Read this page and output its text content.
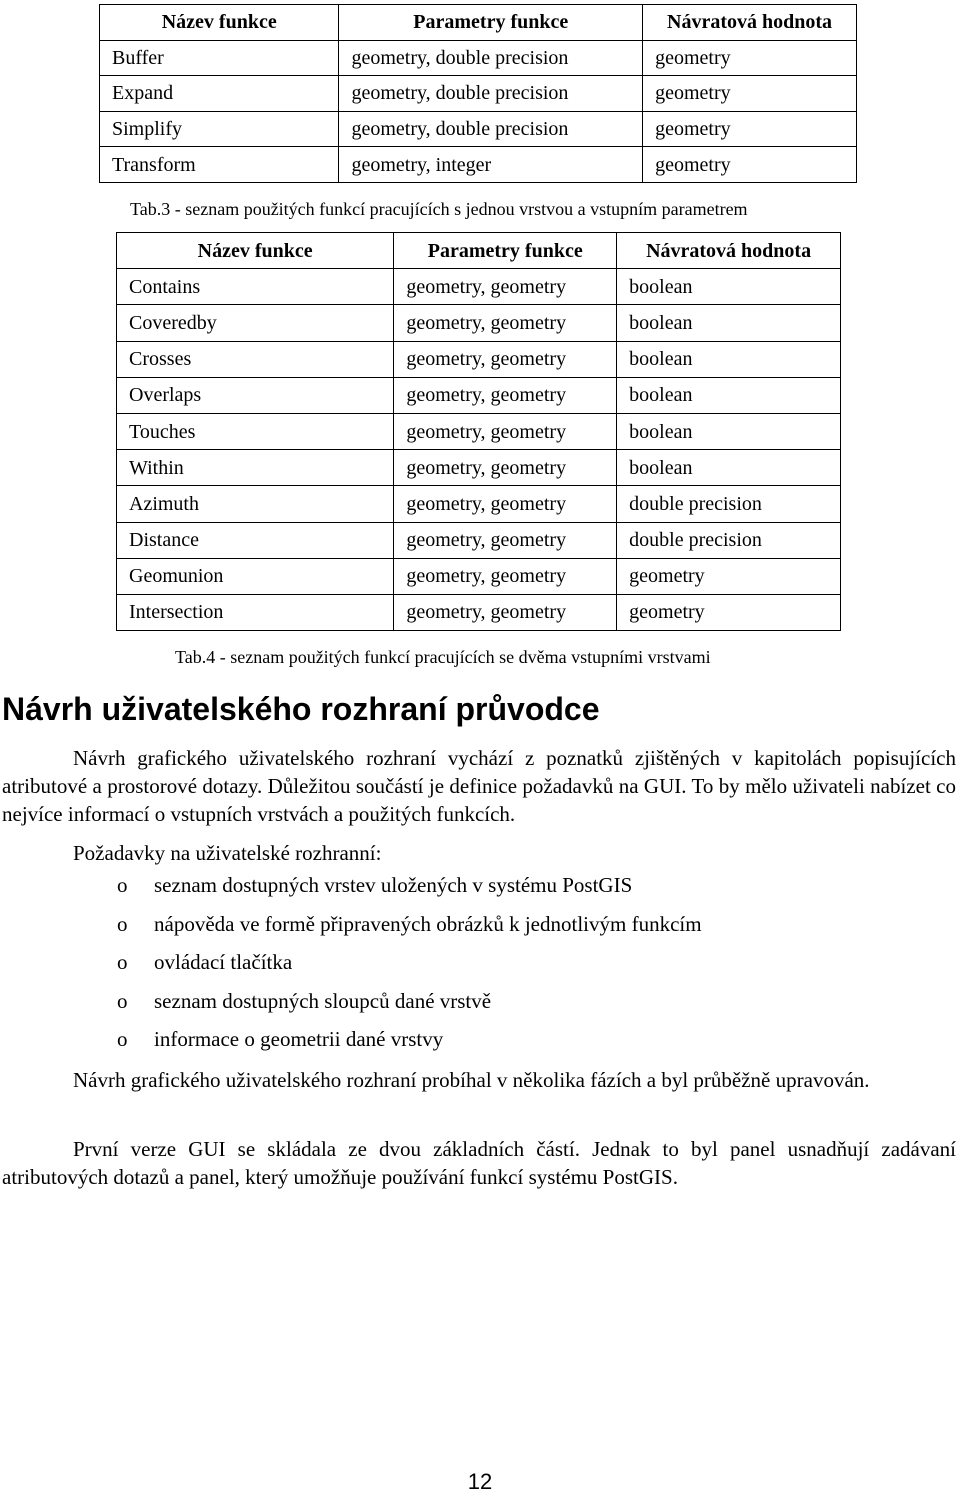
Název funkce	Parametry funkce	Návratová hodnota
Buffer	geometry, double precision	geometry
Expand	geometry, double precision	geometry
Simplify	geometry, double precision	geometry
Transform	geometry, integer	geometry
Tab.3 - seznam použitých funkcí pracujících s jednou vrstvou a vstupním parametrem
Název funkce	Parametry funkce	Návratová hodnota
Contains	geometry, geometry	boolean
Coveredby	geometry, geometry	boolean
Crosses	geometry, geometry	boolean
Overlaps	geometry, geometry	boolean
Touches	geometry, geometry	boolean
Within	geometry, geometry	boolean
Azimuth	geometry, geometry	double precision
Distance	geometry, geometry	double precision
Geomunion	geometry, geometry	geometry
Intersection	geometry, geometry	geometry
Tab.4 - seznam použitých funkcí pracujících se dvěma vstupními vrstvami
Návrh uživatelského rozhraní průvodce

Návrh grafického uživatelského rozhraní vychází z poznatků zjištěných v kapitolách popisujících atributové a prostorové dotazy. Důležitou součástí je definice požadavků na GUI. To by mělo uživateli nabízet co nejvíce informací o vstupních vrstvách a použitých funkcích.

Požadavky na uživatelské rozhranní:
o seznam dostupných vrstev uložených v systému PostGIS
o nápověda ve formě připravených obrázků k jednotlivým funkcím
o ovládací tlačítka
o seznam dostupných sloupců dané vrstvě
o informace o geometrii dané vrstvy

Návrh grafického uživatelského rozhraní probíhal v několika fázích a byl průběžně upravován.

První verze GUI se skládala ze dvou základních částí. Jednak to byl panel usnadňují zadávaní atributových dotazů a panel, který umožňuje používání funkcí systému PostGIS.

12
